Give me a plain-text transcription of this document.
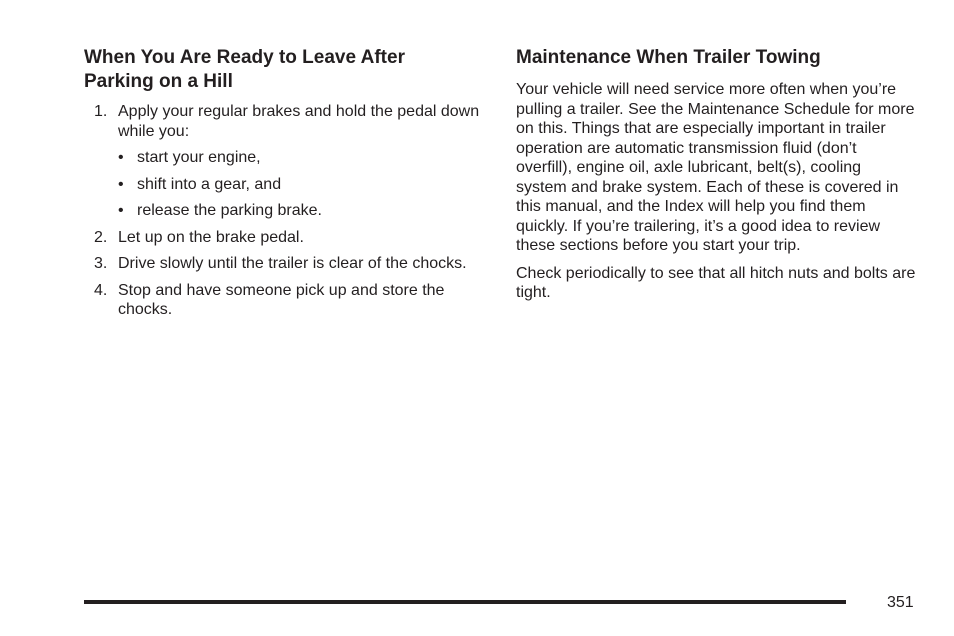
When You Are Ready to Leave After
Parking on a Hill
1. Apply your regular brakes and hold the pedal down while you:
• start your engine,
• shift into a gear, and
• release the parking brake.
2. Let up on the brake pedal.
3. Drive slowly until the trailer is clear of the chocks.
4. Stop and have someone pick up and store the chocks.
Maintenance When Trailer Towing

Your vehicle will need service more often when you’re pulling a trailer. See the Maintenance Schedule for more on this. Things that are especially important in trailer operation are automatic transmission fluid (don’t overfill), engine oil, axle lubricant, belt(s), cooling system and brake system. Each of these is covered in this manual, and the Index will help you find them quickly. If you’re trailering, it’s a good idea to review these sections before you start your trip.

Check periodically to see that all hitch nuts and bolts are tight.

351
